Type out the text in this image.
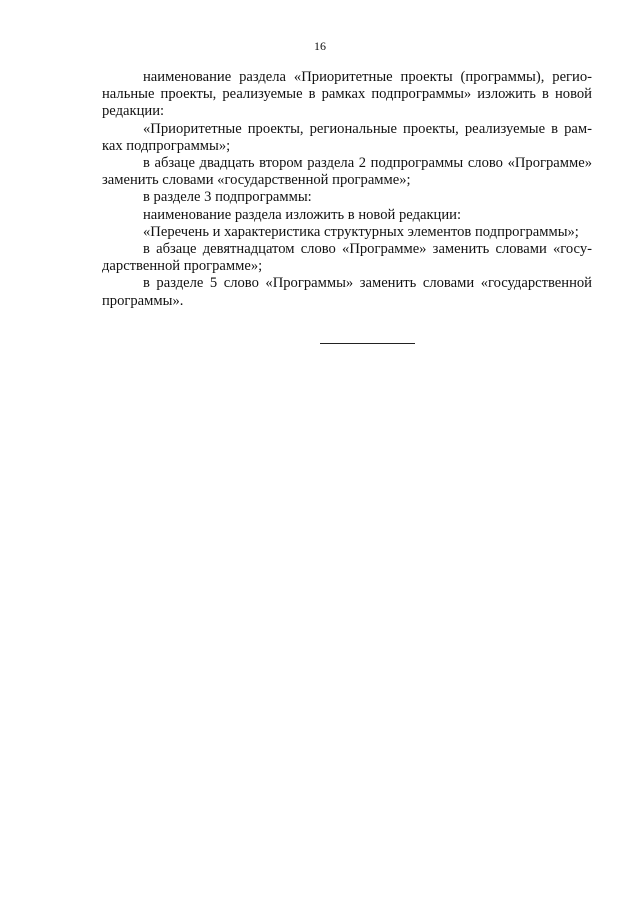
16

наименование раздела «Приоритетные проекты (программы), регио-
нальные проекты, реализуемые в рамках подпрограммы» изложить в новой
редакции:

«Приоритетные проекты, региональные проекты, реализуемые в рам-
ках подпрограммы»;

в абзаце двадцать втором раздела 2 подпрограммы слово «Программе»
заменить словами «государственной программе»;

в разделе 3 подпрограммы:

наименование раздела изложить в новой редакции:

«Перечень и характеристика структурных элементов подпрограммы»;

в абзаце девятнадцатом слово «Программе» заменить словами «госу-
дарственной программе»;

в разделе 5 слово «Программы» заменить словами «государственной
программы».
